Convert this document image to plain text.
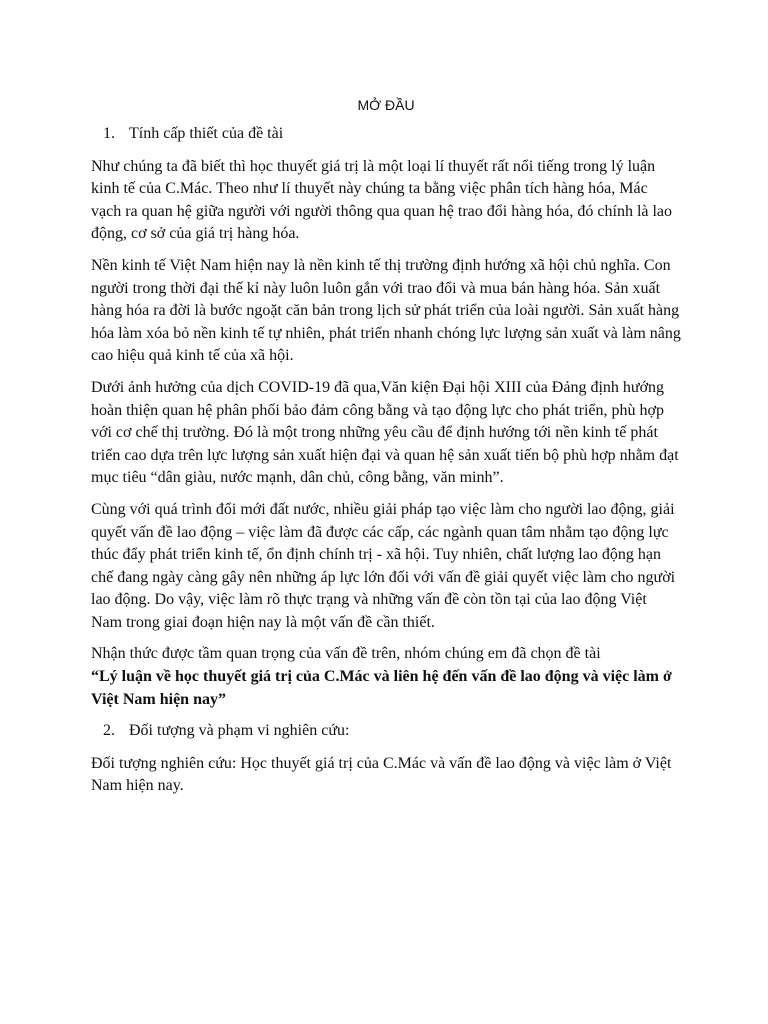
MỞ ĐẦU
1. Tính cấp thiết của đề tài

Như chúng ta đã biết thì học thuyết giá trị là một loại lí thuyết rất nổi tiếng trong lý luận kinh tế của C.Mác. Theo như lí thuyết này chúng ta bằng việc phân tích hàng hóa, Mác vạch ra quan hệ giữa người với người thông qua quan hệ trao đổi hàng hóa, đó chính là lao động, cơ sở của giá trị hàng hóa.

Nền kinh tế Việt Nam hiện nay là nền kinh tế thị trường định hướng xã hội chủ nghĩa. Con người trong thời đại thế kỉ này luôn luôn gắn với trao đổi và mua bán hàng hóa. Sản xuất hàng hóa ra đời là bước ngoặt căn bản trong lịch sử phát triển của loài người. Sản xuất hàng hóa làm xóa bỏ nền kinh tế tự nhiên, phát triển nhanh chóng lực lượng sản xuất và làm nâng cao hiệu quả kinh tế của xã hội.

Dưới ảnh hưởng của dịch COVID-19 đã qua,Văn kiện Đại hội XIII của Đảng định hướng hoàn thiện quan hệ phân phối bảo đảm công bằng và tạo động lực cho phát triển, phù hợp với cơ chế thị trường. Đó là một trong những yêu cầu để định hướng tới nền kinh tế phát triển cao dựa trên lực lượng sản xuất hiện đại và quan hệ sản xuất tiến bộ phù hợp nhằm đạt mục tiêu “dân giàu, nước mạnh, dân chủ, công bằng, văn minh”.

Cùng với quá trình đổi mới đất nước, nhiều giải pháp tạo việc làm cho người lao động, giải quyết vấn đề lao động – việc làm đã được các cấp, các ngành quan tâm nhằm tạo động lực thúc đẩy phát triển kinh tế, ổn định chính trị - xã hội. Tuy nhiên, chất lượng lao động hạn chế đang ngày càng gây nên những áp lực lớn đối với vấn đề giải quyết việc làm cho người lao động. Do vậy, việc làm rõ thực trạng và những vấn đề còn tồn tại của lao động Việt Nam trong giai đoạn hiện nay là một vấn đề cần thiết.

Nhận thức được tầm quan trọng của vấn đề trên, nhóm chúng em đã chọn đề tài
“Lý luận về học thuyết giá trị của C.Mác và liên hệ đến vấn đề lao động và việc làm ở Việt Nam hiện nay”

2. Đối tượng và phạm vi nghiên cứu:

Đối tượng nghiên cứu: Học thuyết giá trị của C.Mác và vấn đề lao động và việc làm ở Việt Nam hiện nay.
